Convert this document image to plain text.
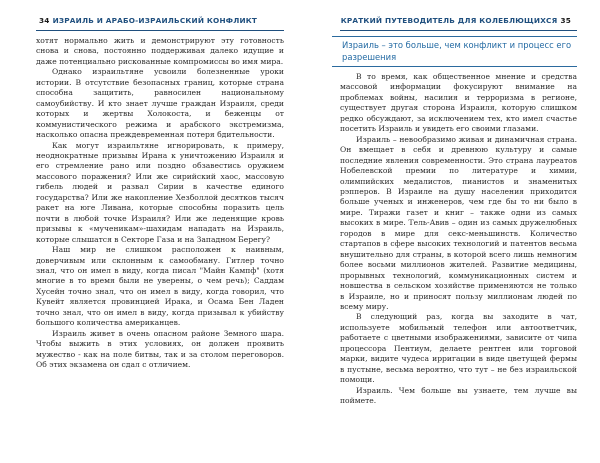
34 ИЗРАИЛЬ И АРАБО-ИЗРАИЛЬСКИЙ КОНФЛИКТ

хотят нормально жить и демонстрируют эту готовность снова и снова, постоянно поддерживая далеко идущие и даже потенциально рискованные компромиссы во имя мира.

Однако израильтяне усвоили болезненные уроки истории. В отсутствие безопасных границ, которые страна способна защитить, равносилен национальному самоубийству. И кто знает лучше граждан Израиля, среди которых и жертвы Холокоста, и беженцы от коммунистического режима и арабского экстремизма, насколько опасна преждевременная потеря бдительности.

Как могут израильтяне игнорировать, к примеру, неоднократные призывы Ирана к уничтожению Израиля и его стремление рано или поздно обзавестись оружием массового поражения? Или же сирийский хаос, массовую гибель людей и развал Сирии в качестве единого государства? Или же накопление Хезболлой десятков тысяч ракет на юге Ливана, которые способны поразить цель почти в любой точке Израиля? Или же леденящие кровь призывы к «мученикам»-шахидам нападать на Израиль, которые слышатся в Секторе Газа и на Западном Берегу?

Наш мир не слишком расположен к наивным, доверчивым или склонным к самообману. Гитлер точно знал, что он имел в виду, когда писал "Майн Кампф" (хотя многие в то время были не уверены, о чем речь); Саддам Хусейн точно знал, что он имел в виду, когда говорил, что Кувейт является провинцией Ирака, и Осама Бен Ладен точно знал, что он имел в виду, когда призывал к убийству большого количества американцев.

Израиль живет в очень опасном районе Земного шара. Чтобы выжить в этих условиях, он должен проявить мужество - как на поле битвы, так и за столом переговоров. Об этих экзамена он сдал с отличием.

КРАТКИЙ ПУТЕВОДИТЕЛЬ ДЛЯ КОЛЕБЛЮЩИХСЯ 35
Израиль – это больше, чем конфликт и процесс его разрешения

В то время, как общественное мнение и средства массовой информации фокусируют внимание на проблемах войны, насилия и терроризма в регионе, существует другая сторона Израиля, которую слишком редко обсуждают, за исключением тех, кто имел счастье посетить Израиль и увидеть его своими глазами.

Израиль – невообразимо живая и динамичная страна. Он вмещает в себя и древнюю культуру и самые последние явления современности. Это страна лауреатов Нобелевской премии по литературе и химии, олимпийских медалистов, пианистов и знаменитых рэпперов. В Израиле на душу населения приходится больше ученых и инженеров, чем где бы то ни было в мире. Тиражи газет и книг – также одни из самых высоких в мире. Тель-Авив – один из самых дружелюбных городов в мире для секс-меньшинств. Количество стартапов в сфере высоких технологий и патентов весьма внушительно для страны, в которой всего лишь немногим более восьми миллионов жителей. Развитие медицины, прорывных технологий, коммуникационных систем и новшества в сельском хозяйстве применяются не только в Израиле, но и приносят пользу миллионам людей по всему миру.

В следующий раз, когда вы заходите в чат, используете мобильный телефон или автоответчик, работаете с цветными изображениями, зависите от чипа процессора Пентиум, делаете рентген или торговой марки, видите чудеса ирригации в виде цветущей фермы в пустыне, весьма вероятно, что тут – не без израильской помощи.

Израиль. Чем больше вы узнаете, тем лучше вы поймете.
